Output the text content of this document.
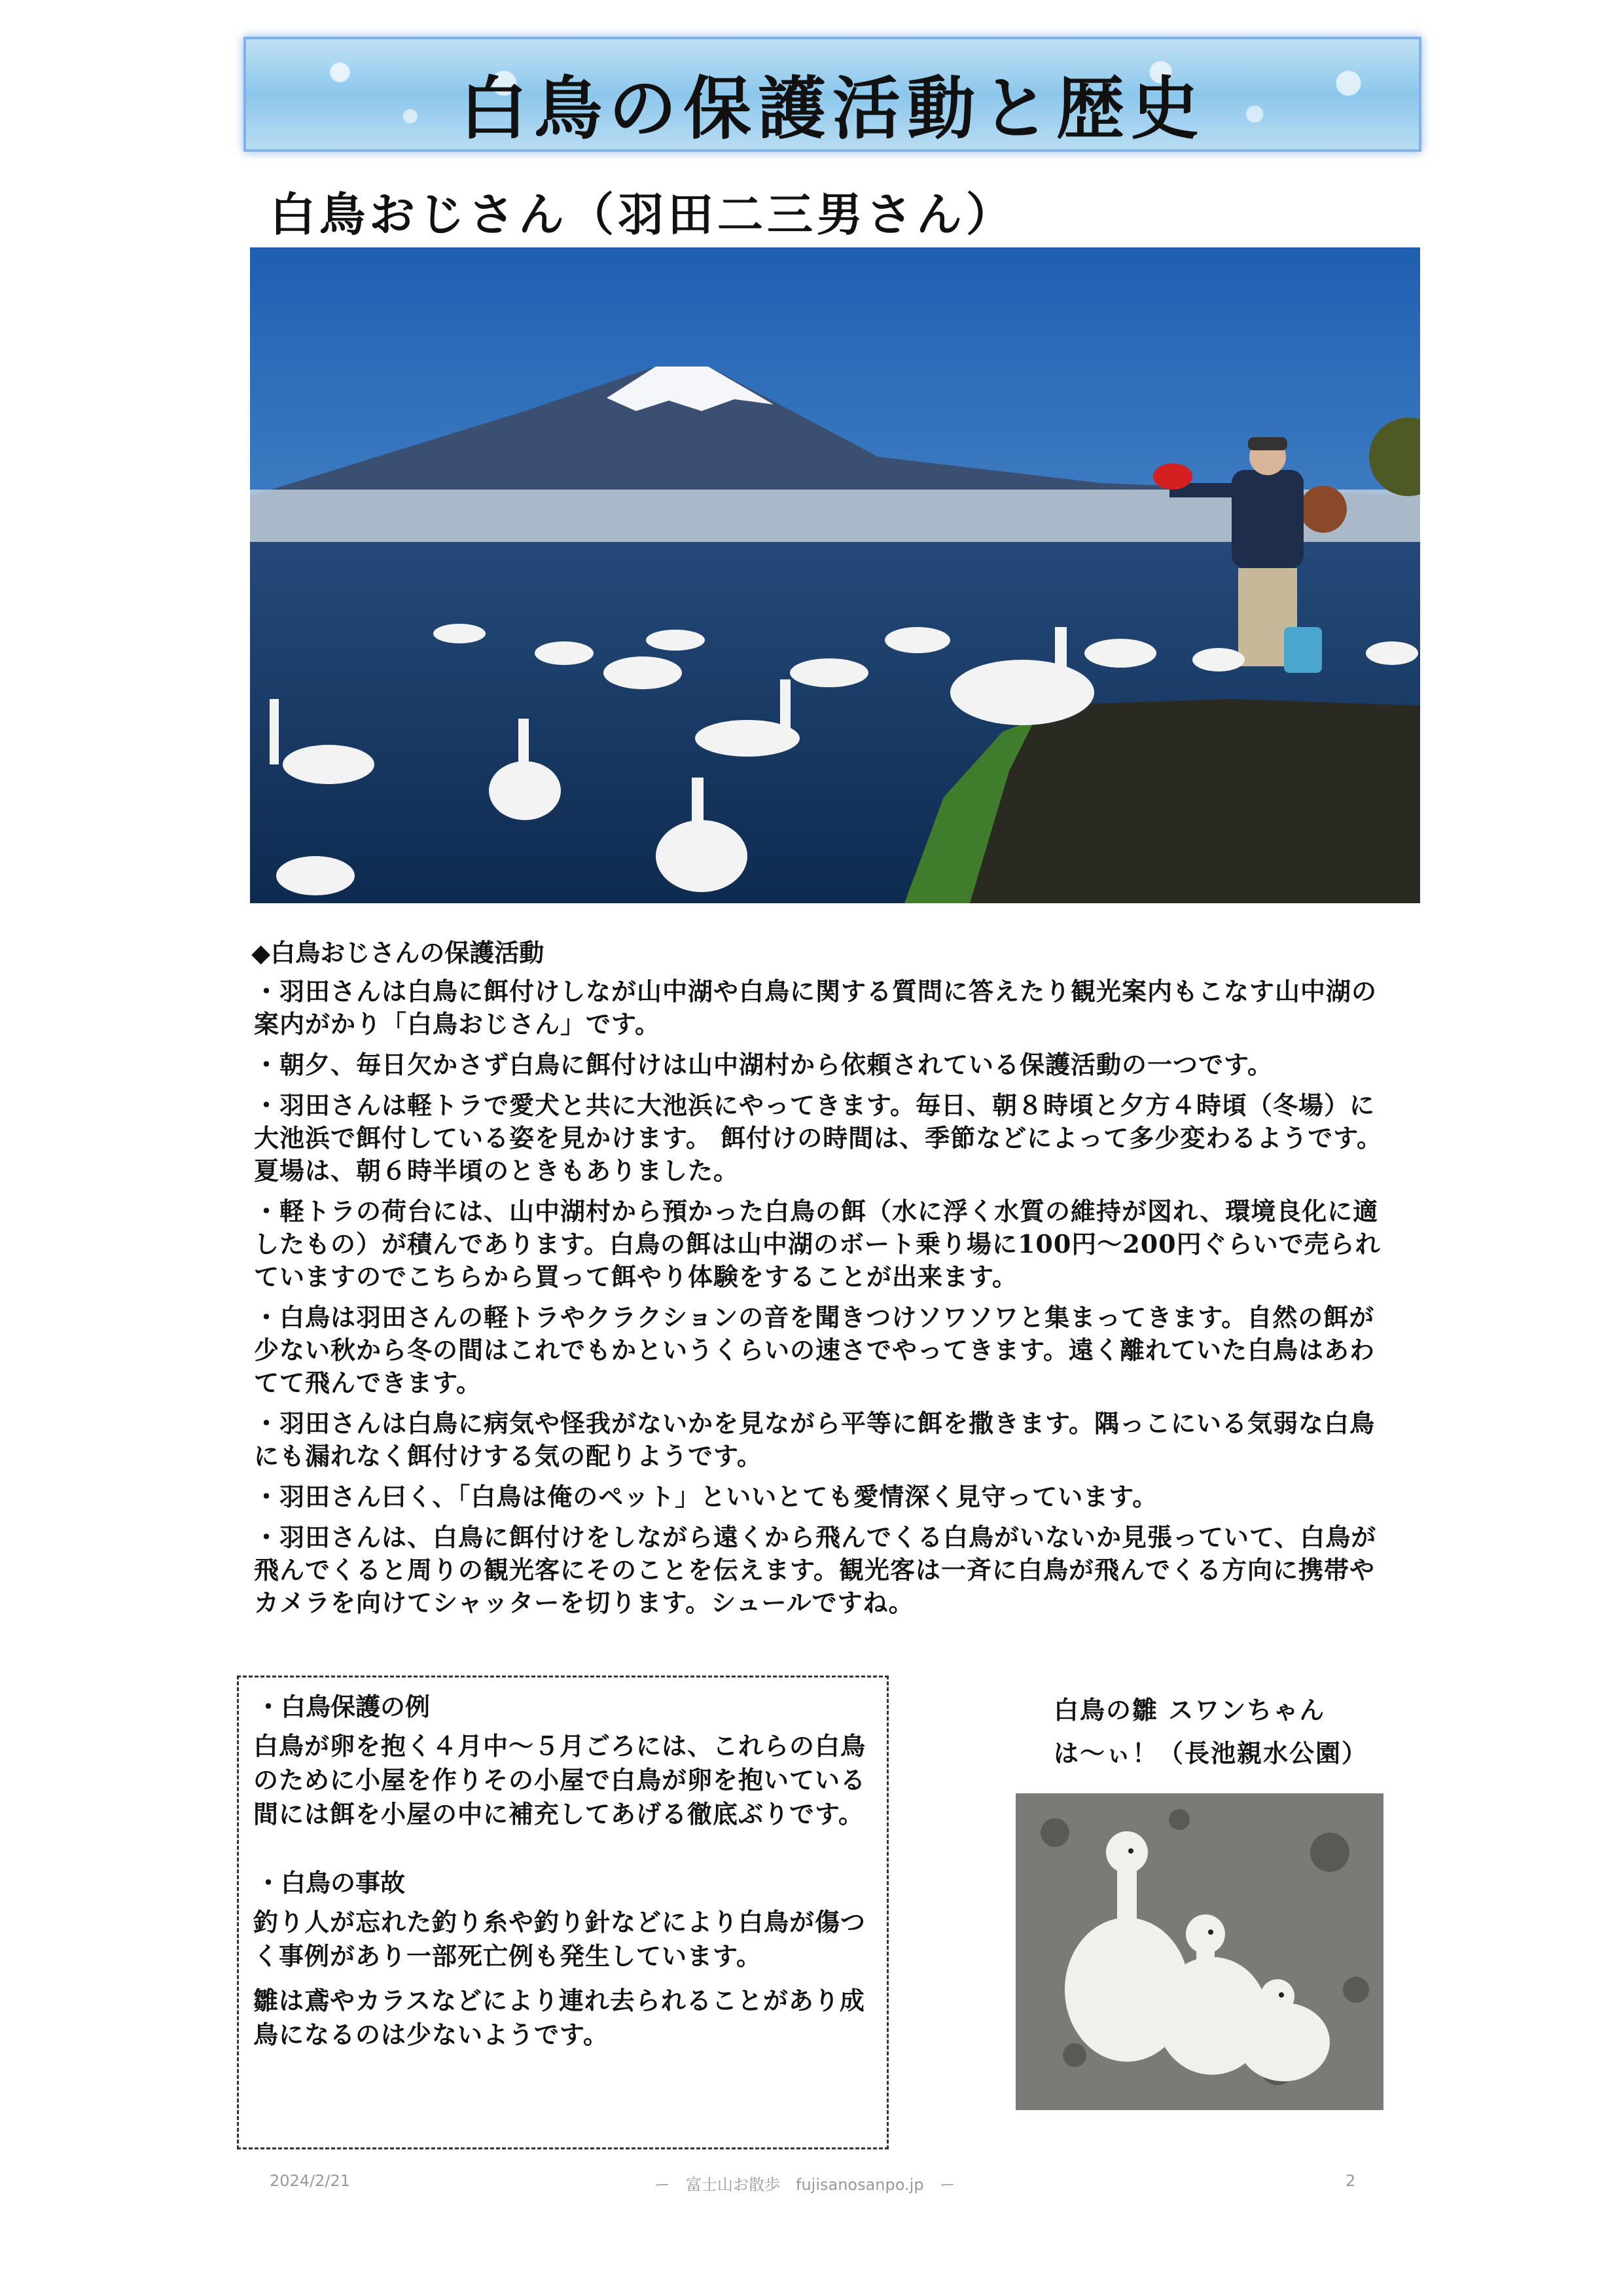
白鳥の保護活動と歴史
白鳥おじさん（羽田二三男さん）
◆白鳥おじさんの保護活動

・羽田さんは白鳥に餌付けしなが山中湖や白鳥に関する質問に答えたり観光案内もこなす山中湖の案内がかり「白鳥おじさん」です。

・朝夕、毎日欠かさず白鳥に餌付けは山中湖村から依頼されている保護活動の一つです。

・羽田さんは軽トラで愛犬と共に大池浜にやってきます。毎日、朝８時頃と夕方４時頃（冬場）に大池浜で餌付している姿を見かけます。 餌付けの時間は、季節などによって多少変わるようです。夏場は、朝６時半頃のときもありました。

・軽トラの荷台には、山中湖村から預かった白鳥の餌（水に浮く水質の維持が図れ、環境良化に適したもの）が積んであります。白鳥の餌は山中湖のボート乗り場に100円～200円ぐらいで売られていますのでこちらから買って餌やり体験をすることが出来ます。

・白鳥は羽田さんの軽トラやクラクションの音を聞きつけソワソワと集まってきます。自然の餌が少ない秋から冬の間はこれでもかというくらいの速さでやってきます。遠く離れていた白鳥はあわてて飛んできます。

・羽田さんは白鳥に病気や怪我がないかを見ながら平等に餌を撒きます。隅っこにいる気弱な白鳥にも漏れなく餌付けする気の配りようです。

・羽田さん曰く、「白鳥は俺のペット」といいとても愛情深く見守っています。

・羽田さんは、白鳥に餌付けをしながら遠くから飛んでくる白鳥がいないか見張っていて、白鳥が飛んでくると周りの観光客にそのことを伝えます。観光客は一斉に白鳥が飛んでくる方向に携帯やカメラを向けてシャッターを切ります。シュールですね。

・白鳥保護の例
白鳥が卵を抱く４月中～５月ごろには、これらの白鳥のために小屋を作りその小屋で白鳥が卵を抱いている間には餌を小屋の中に補充してあげる徹底ぶりです。
・白鳥の事故
釣り人が忘れた釣り糸や釣り針などにより白鳥が傷つく事例があり一部死亡例も発生しています。
雛は鳶やカラスなどにより連れ去られることがあり成鳥になるのは少ないようです。
白鳥の雛 スワンちゃん
は～ぃ！（長池親水公園）
2024/2/21	ー　富士山お散歩　fujisanosanpo.jp　ー	2
